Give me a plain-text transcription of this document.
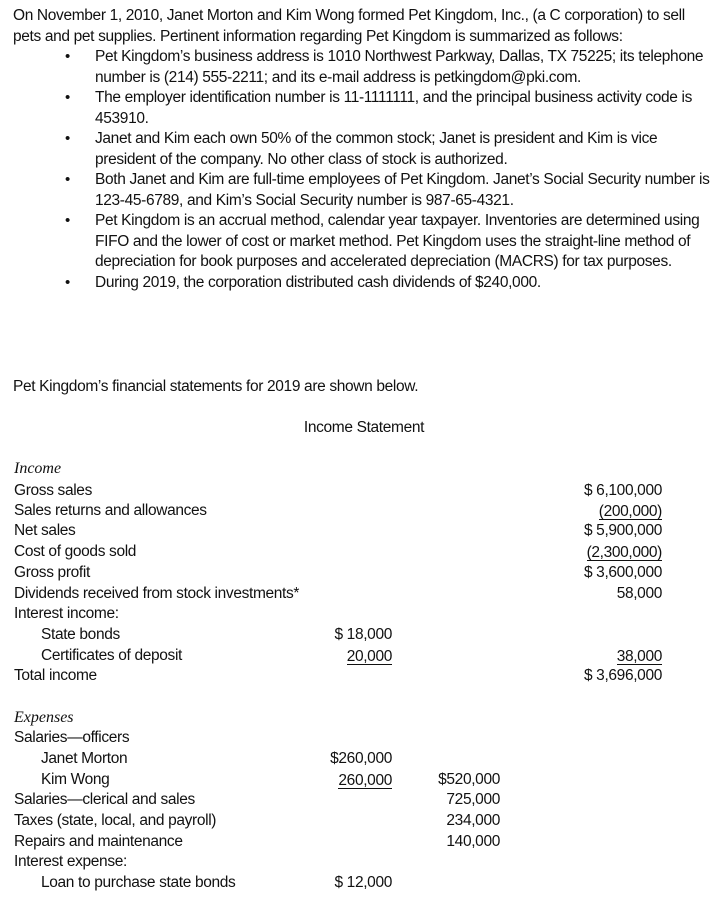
On November 1, 2010, Janet Morton and Kim Wong formed Pet Kingdom, Inc., (a C corporation) to sell pets and pet supplies. Pertinent information regarding Pet Kingdom is summarized as follows:

• Pet Kingdom’s business address is 1010 Northwest Parkway, Dallas, TX 75225; its telephone number is (214) 555-2211; and its e-mail address is petkingdom@pki.com.
• The employer identification number is 11-1111111, and the principal business activity code is 453910.
• Janet and Kim each own 50% of the common stock; Janet is president and Kim is vice president of the company. No other class of stock is authorized.
• Both Janet and Kim are full-time employees of Pet Kingdom. Janet’s Social Security number is 123-45-6789, and Kim’s Social Security number is 987-65-4321.
• Pet Kingdom is an accrual method, calendar year taxpayer. Inventories are determined using FIFO and the lower of cost or market method. Pet Kingdom uses the straight-line method of depreciation for book purposes and accelerated depreciation (MACRS) for tax purposes.
• During 2019, the corporation distributed cash dividends of $240,000.
Pet Kingdom’s financial statements for 2019 are shown below.
Income Statement
Income
Gross sales	$ 6,100,000
Sales returns and allowances	(200,000)
Net sales	$ 5,900,000
Cost of goods sold	(2,300,000)
Gross profit	$ 3,600,000
Dividends received from stock investments*	58,000
Interest income:
State bonds	$ 18,000
Certificates of deposit	20,000	38,000
Total income	$ 3,696,000
Expenses
Salaries—officers
Janet Morton	$260,000
Kim Wong	260,000	$520,000
Salaries—clerical and sales	725,000
Taxes (state, local, and payroll)	234,000
Repairs and maintenance	140,000
Interest expense:
Loan to purchase state bonds	$ 12,000
